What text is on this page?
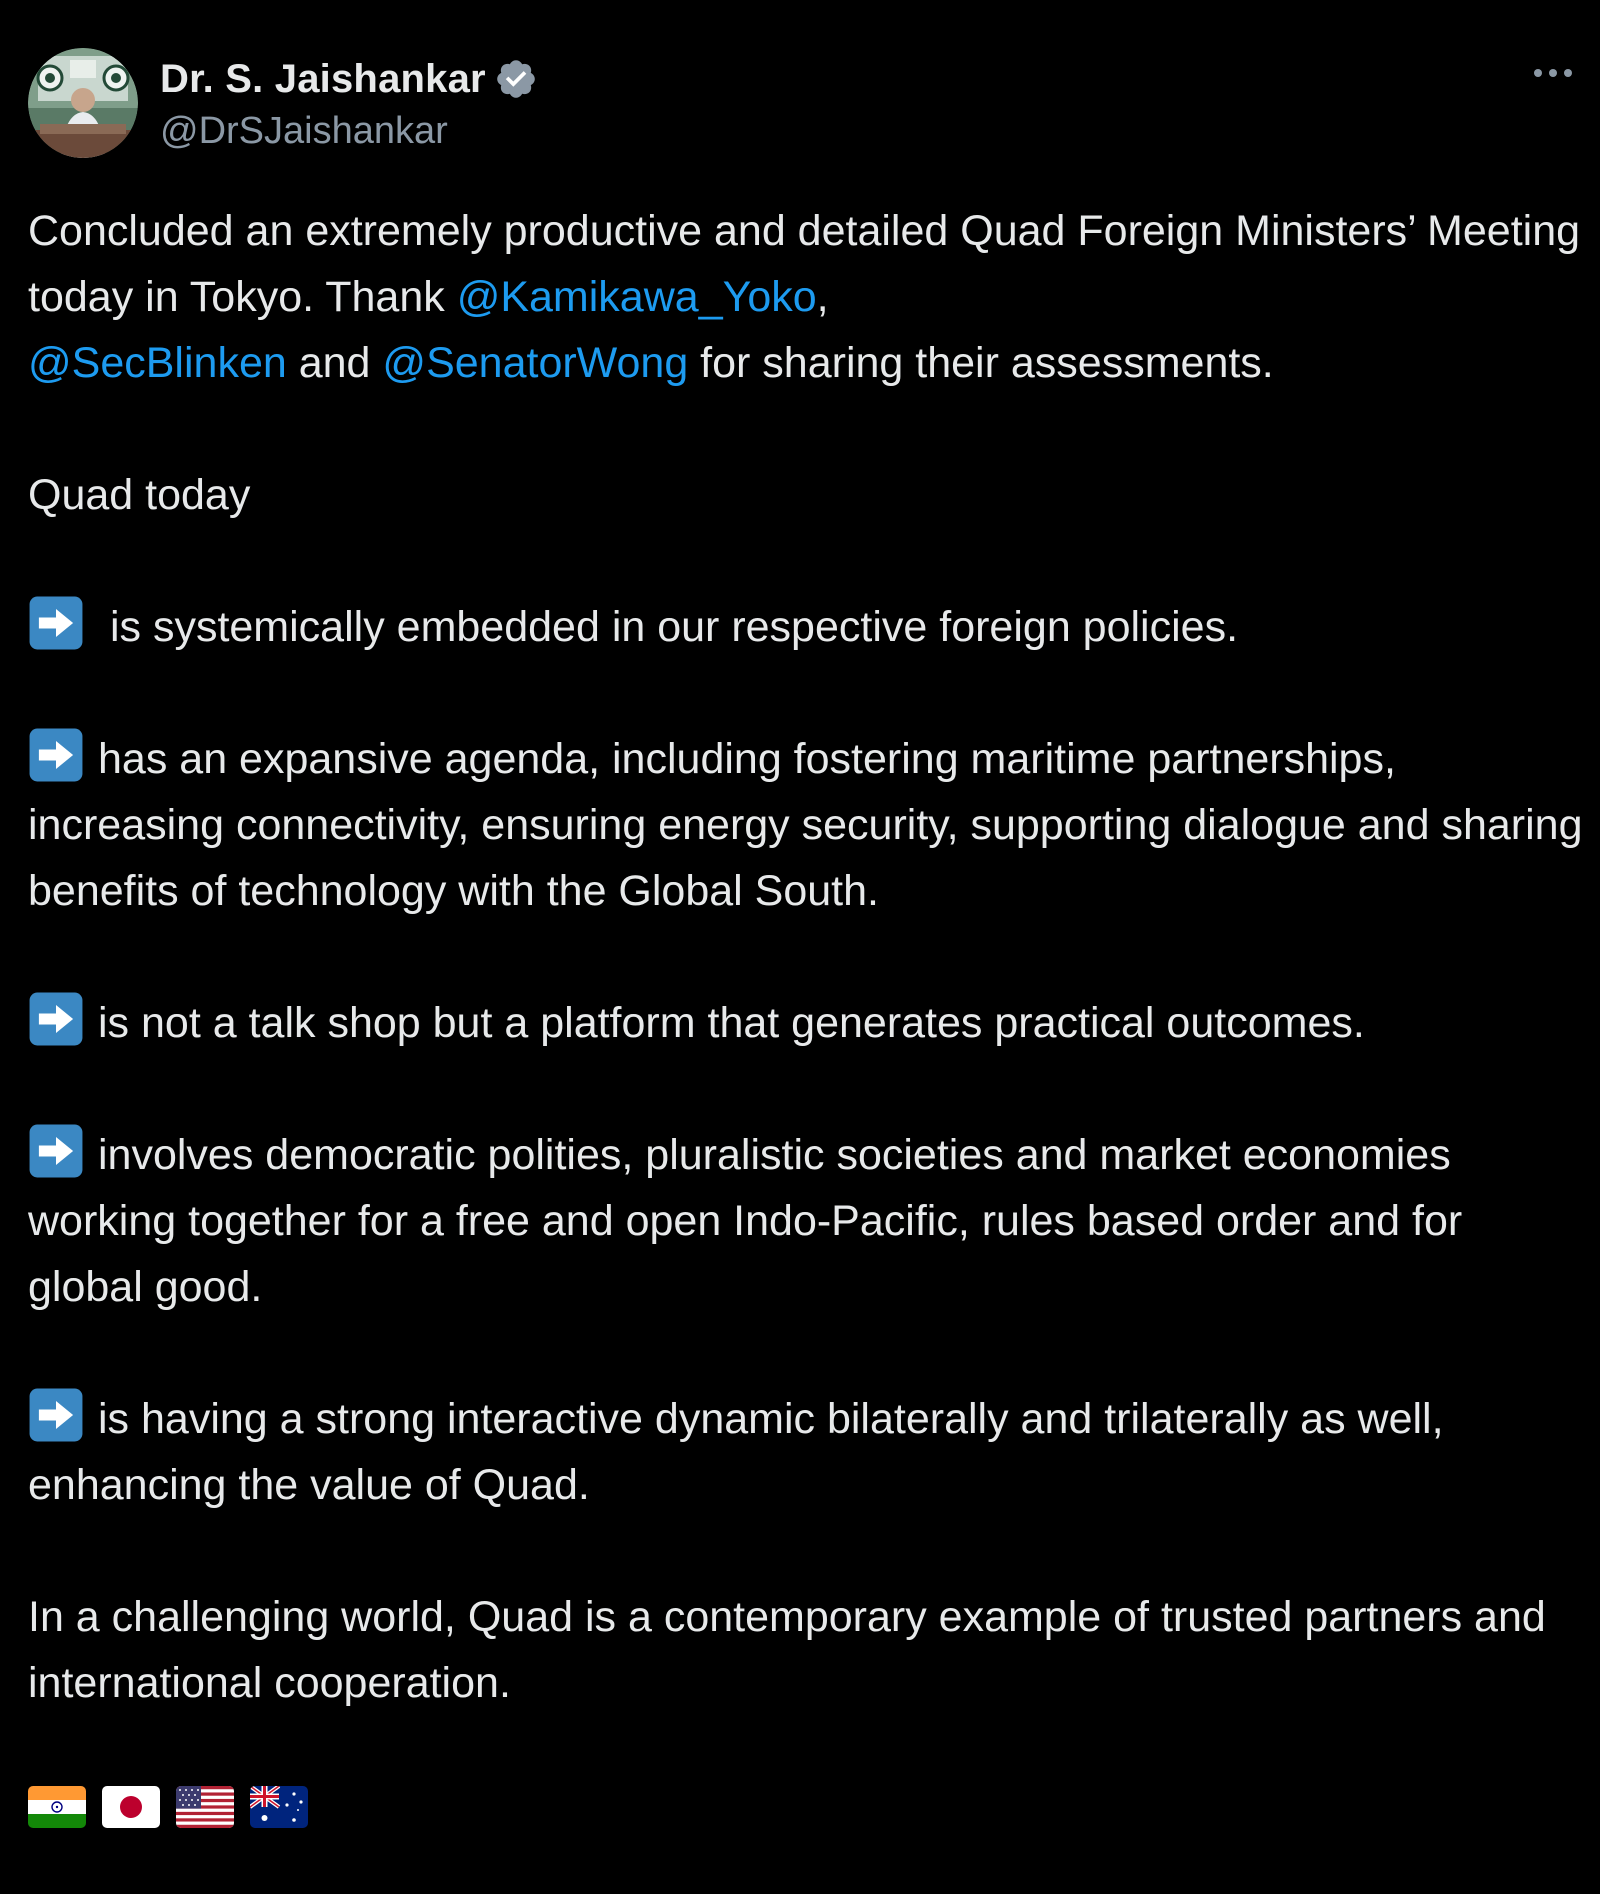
Dr. S. Jaishankar
@DrSJaishankar

Concluded an extremely productive and detailed Quad Foreign Ministers’ Meeting today in Tokyo. Thank @Kamikawa_Yoko,
@SecBlinken and @SenatorWong for sharing their assessments.

Quad today

is systemically embedded in our respective foreign policies.

has an expansive agenda, including fostering maritime partnerships, increasing connectivity, ensuring energy security, supporting dialogue and sharing benefits of technology with the Global South.

is not a talk shop but a platform that generates practical outcomes.

involves democratic polities, pluralistic societies and market economies working together for a free and open Indo-Pacific, rules based order and for global good.

is having a strong interactive dynamic bilaterally and trilaterally as well, enhancing the value of Quad.

In a challenging world, Quad is a contemporary example of trusted partners and international cooperation.
